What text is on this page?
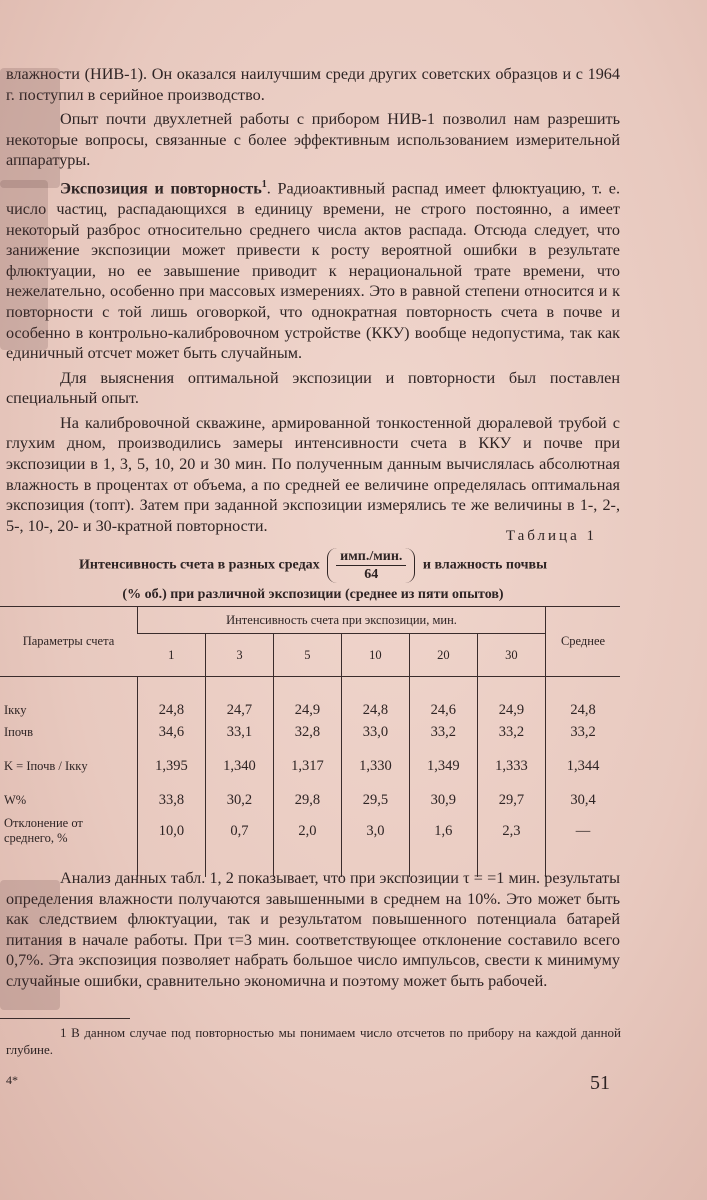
влажности (НИВ-1). Он оказался наилучшим среди других советских образцов и с 1964 г. поступил в серийное производство.

Опыт почти двухлетней работы с прибором НИВ-1 позволил нам разрешить некоторые вопросы, связанные с более эффективным использованием измерительной аппаратуры.

Экспозиция и повторность$^1$. Радиоактивный распад имеет флюктуацию, т. е. число частиц, распадающихся в единицу времени, не строго постоянно, а имеет некоторый разброс относительно среднего числа актов распада. Отсюда следует, что занижение экспозиции может привести к росту вероятной ошибки в результате флюктуации, но ее завышение приводит к нерациональной трате времени, что нежелательно, особенно при массовых измерениях. Это в равной степени относится и к повторности с той лишь оговоркой, что однократная повторность счета в почве и особенно в контрольно-калибровочном устройстве (ККУ) вообще недопустима, так как единичный отсчет может быть случайным.

Для выяснения оптимальной экспозиции и повторности был поставлен специальный опыт.

На калибровочной скважине, армированной тонкостенной дюралевой трубой с глухим дном, производились замеры интенсивности счета в ККУ и почве при экспозиции в 1, 3, 5, 10, 20 и 30 мин. По полученным данным вычислялась абсолютная влажность в процентах от объема, а по средней ее величине определялась оптимальная экспозиция (τопт). Затем при заданной экспозиции измерялись те же величины в 1-, 2-, 5-, 10-, 20- и 30-кратной повторности.

Таблица 1
Интенсивность счета в разных средах $\frac{\text{имп./мин.}}{64}$ и влажность почвы
(% об.) при различной экспозиции (среднее из пяти опытов)
Параметры счета	Интенсивность счета при экспозиции, мин.						Среднее
	1	3	5	10	20	30	

Iккy	24,8	24,7	24,9	24,8	24,6	24,9	24,8
Iпочв	34,6	33,1	32,8	33,0	33,2	33,2	33,2
K = Iпочв / Iккy	1,395	1,340	1,317	1,330	1,349	1,333	1,344
W%	33,8	30,2	29,8	29,5	30,9	29,7	30,4
Отклонение от среднего, %	10,0	0,7	2,0	3,0	1,6	2,3	—

Анализ данных табл. 1, 2 показывает, что при экспозиции τ = =1 мин. результаты определения влажности получаются завышенными в среднем на 10%. Это может быть как следствием флюктуации, так и результатом повышенного потенциала батарей питания в начале работы. При τ=3 мин. соответствующее отклонение составило всего 0,7%. Эта экспозиция позволяет набрать большое число импульсов, свести к минимуму случайные ошибки, сравнительно экономична и поэтому может быть рабочей.

1 В данном случае под повторностью мы понимаем число отсчетов по прибору на каждой данной глубине.
4*	51
